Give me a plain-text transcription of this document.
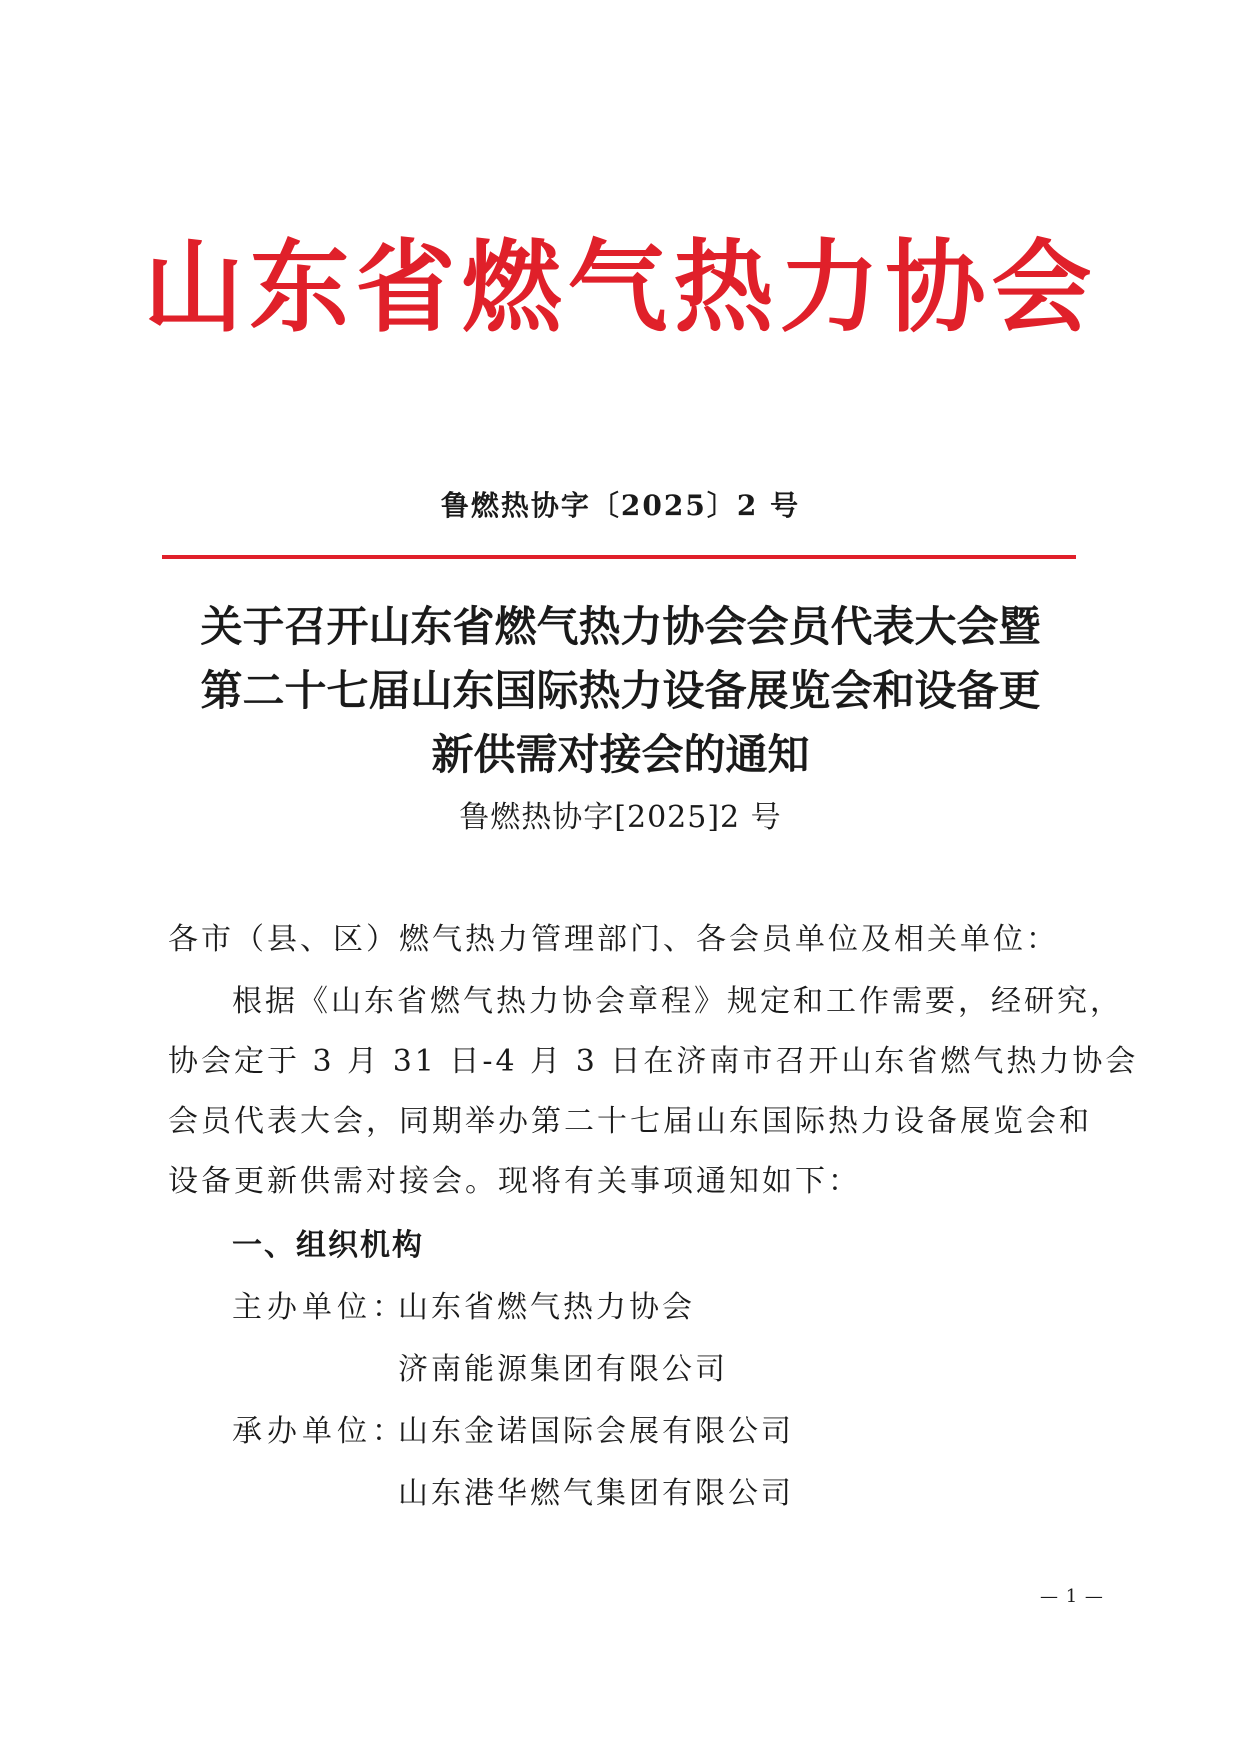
山东省燃气热力协会
鲁燃热协字〔2025〕2 号
关于召开山东省燃气热力协会会员代表大会暨
第二十七届山东国际热力设备展览会和设备更
新供需对接会的通知
鲁燃热协字[2025]2 号
各市（县、区）燃气热力管理部门、各会员单位及相关单位：
根据《山东省燃气热力协会章程》规定和工作需要，经研究，
协会定于 3 月 31 日-4 月 3 日在济南市召开山东省燃气热力协会
会员代表大会，同期举办第二十七届山东国际热力设备展览会和
设备更新供需对接会。现将有关事项通知如下：
一、组织机构
主办单位：
山东省燃气热力协会
济南能源集团有限公司
承办单位：
山东金诺国际会展有限公司
山东港华燃气集团有限公司
— 1 —
